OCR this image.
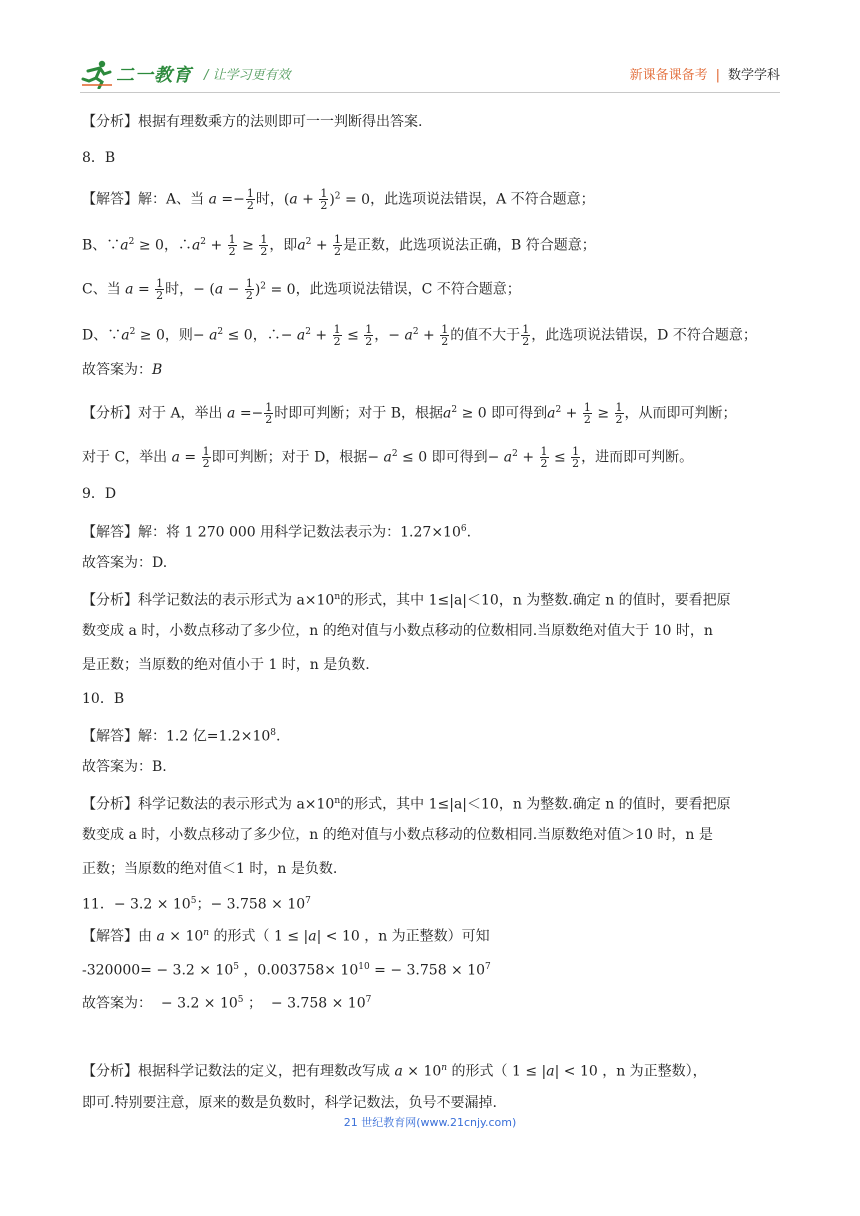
二一教育 / 让学习更有效	新课备课备考 | 数学学科
【分析】根据有理数乘方的法则即可一一判断得出答案.
8．B
【解答】解：A、当 $a =- \frac{1}{2}$ 时，$(a + \frac{1}{2} )^2 = 0$，此选项说法错误，A 不符合题意；
B、$\because a^2 \ge 0$，$\therefore a^2 + \frac{1}{2} \ge \frac{1}{2}$ ，即$a^2 + \frac{1}{2}$ 是正数，此选项说法正确，B 符合题意；
C、当 $a = \frac{1}{2}$ 时，− $(a - \frac{1}{2} )^2 = 0$，此选项说法错误，C 不符合题意；
D、$\because a^2 \ge 0$，则− $a^2 \le 0$，∴− $a^2 + \frac{1}{2} \le \frac{1}{2}$ ，− $a^2 + \frac{1}{2}$ 的值不大于 $\frac{1}{2}$ ，此选项说法错误，D 不符合题意；
故答案为：B
【分析】对于 A，举出 $a =- \frac{1}{2}$ 时即可判断；对于 B，根据$a^2 \ge 0$ 即可得到$a^2 + \frac{1}{2} \ge \frac{1}{2}$ ，从而即可判断；
对于 C，举出 $a = \frac{1}{2}$ 即可判断；对于 D，根据− $a^2 \le 0$ 即可得到− $a^2 + \frac{1}{2} \le \frac{1}{2}$ ，进而即可判断。
9．D
【解答】解：将 1 270 000 用科学记数法表示为：$1.27\times 10^6$.
故答案为：D.
【分析】科学记数法的表示形式为 $a\times 10^n$的形式，其中 1≤|a|＜10，n 为整数.确定 n 的值时，要看把原
数变成 a 时，小数点移动了多少位，n 的绝对值与小数点移动的位数相同.当原数绝对值大于 10 时，n
是正数；当原数的绝对值小于 1 时，n 是负数.
10．B
【解答】解：1.2 亿$=1.2\times 10^8$.
故答案为：B.
【分析】科学记数法的表示形式为 $a\times 10^n$的形式，其中 1≤|a|＜10，n 为整数.确定 n 的值时，要看把原
数变成 a 时，小数点移动了多少位，n 的绝对值与小数点移动的位数相同.当原数绝对值＞10 时，n 是
正数；当原数的绝对值＜1 时，n 是负数.
11．− $3.2 \times 10^5$；− $3.758 \times 10^7$
【解答】由 $a \times 10^n$ 的形式（ 1 ≤ |a| < 10 ，n 为正整数）可知
$-320000= - 3.2 \times 10^5$ ，$0.003758\times 10^{10}$ = − $3.758 \times 10^7$
故答案为： − $3.2 \times 10^5$ ； − $3.758 \times 10^7$
【分析】根据科学记数法的定义，把有理数改写成 $a \times 10^n$ 的形式（ 1 ≤ |a| < 10 ，n 为正整数），
即可.特别要注意，原来的数是负数时，科学记数法，负号不要漏掉.
21 世纪教育网(www.21cnjy.com)
